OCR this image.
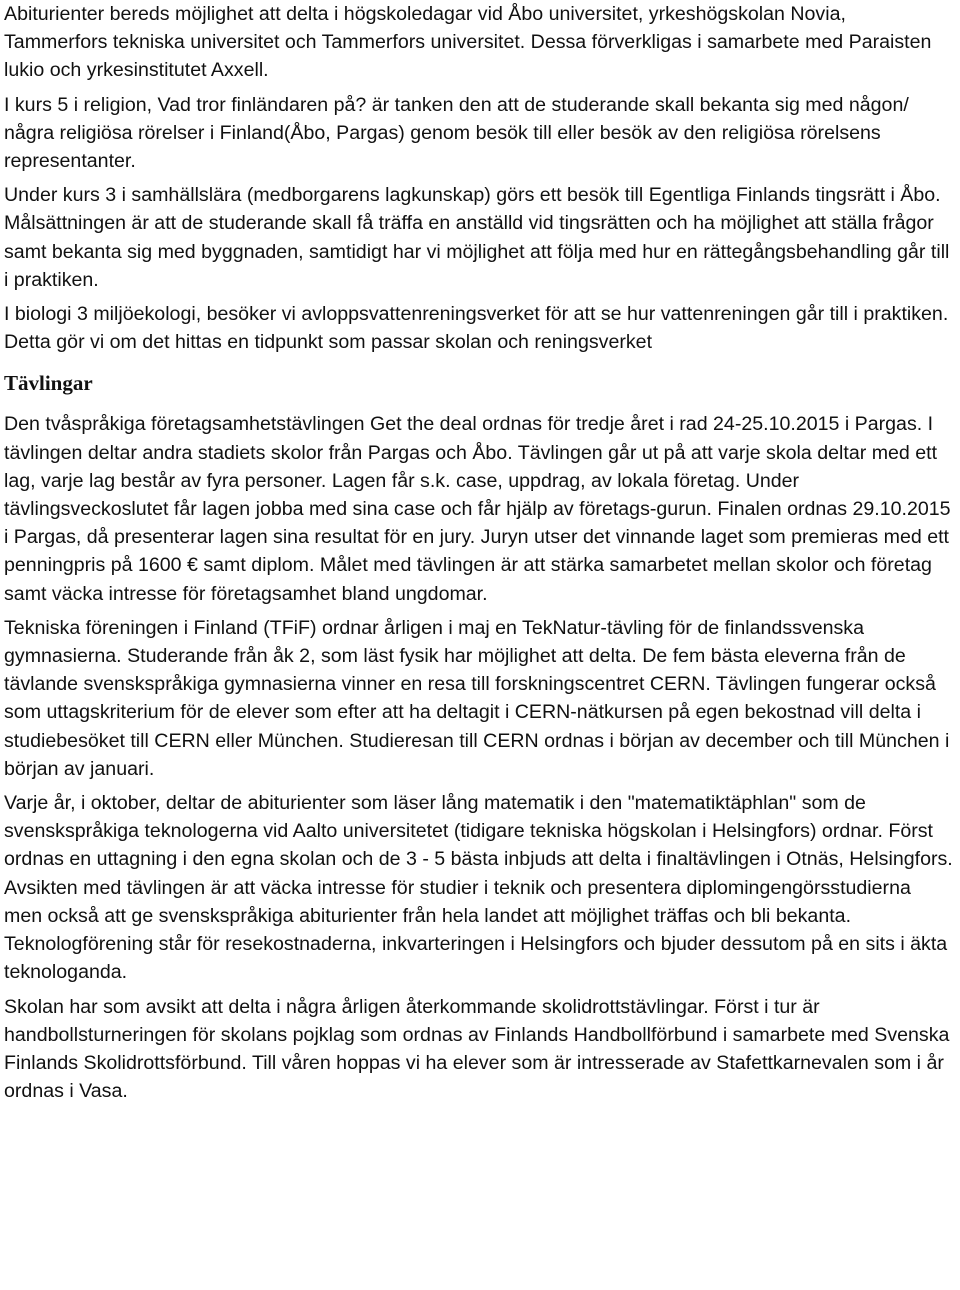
Abiturienter bereds möjlighet att delta i högskoledagar vid Åbo universitet, yrkeshögskolan Novia, Tammerfors tekniska universitet och Tammerfors universitet. Dessa förverkligas i samarbete med Paraisten lukio och yrkesinstitutet Axxell.

I kurs 5 i religion, Vad tror finländaren på? är tanken den att de studerande skall bekanta sig med någon/ några religiösa rörelser i Finland(Åbo, Pargas) genom besök till eller besök av den religiösa rörelsens representanter.

Under kurs 3 i samhällslära (medborgarens lagkunskap) görs ett besök till Egentliga Finlands tingsrätt i Åbo. Målsättningen är att de studerande skall få träffa en anställd vid tingsrätten och ha möjlighet att ställa frågor samt bekanta sig med byggnaden, samtidigt har vi möjlighet att följa med hur en rättegångsbehandling går till i praktiken.

I biologi 3 miljöekologi, besöker vi avloppsvattenreningsverket för att se hur vattenreningen går till i praktiken. Detta gör vi om det hittas en tidpunkt som passar skolan och reningsverket

Tävlingar

Den tvåspråkiga företagsamhetstävlingen Get the deal ordnas för tredje året i rad 24-25.10.2015 i Pargas. I tävlingen deltar andra stadiets skolor från Pargas och Åbo. Tävlingen går ut på att varje skola deltar med ett lag, varje lag består av fyra personer. Lagen får s.k. case, uppdrag, av lokala företag. Under tävlingsveckoslutet får lagen jobba med sina case och får hjälp av företags-gurun. Finalen ordnas 29.10.2015 i Pargas, då presenterar lagen sina resultat för en jury. Juryn utser det vinnande laget som premieras med ett penningpris på 1600 € samt diplom. Målet med tävlingen är att stärka samarbetet mellan skolor och företag samt väcka intresse för företagsamhet bland ungdomar.

Tekniska föreningen i Finland (TFiF) ordnar årligen i maj en TekNatur-tävling för de finlandssvenska gymnasierna. Studerande från åk 2, som läst fysik har möjlighet att delta. De fem bästa eleverna från de tävlande svenskspråkiga gymnasierna vinner en resa till forskningscentret CERN. Tävlingen fungerar också som uttagskriterium för de elever som efter att ha deltagit i CERN-nätkursen på egen bekostnad vill delta i studiebesöket till CERN eller München. Studieresan till CERN ordnas i början av december och till München i början av januari.

Varje år, i oktober, deltar de abiturienter som läser lång matematik i den "matematiktäphlan" som de svenskspråkiga teknologerna vid Aalto universitetet (tidigare tekniska högskolan i Helsingfors) ordnar. Först ordnas en uttagning i den egna skolan och de 3 - 5 bästa inbjuds att delta i finaltävlingen i Otnäs, Helsingfors. Avsikten med tävlingen är att väcka intresse för studier i teknik och presentera diplomingengörsstudierna men också att ge svenskspråkiga abiturienter från hela landet att möjlighet träffas och bli bekanta. Teknologförening står för resekostnaderna, inkvarteringen i Helsingfors och bjuder dessutom på en sits i äkta teknologanda.

Skolan har som avsikt att delta i några årligen återkommande skolidrottstävlingar. Först i tur är handbollsturneringen för skolans pojklag som ordnas av Finlands Handbollförbund i samarbete med Svenska Finlands Skolidrottsförbund. Till våren hoppas vi ha elever som är intresserade av Stafettkarnevalen som i år ordnas i Vasa.
